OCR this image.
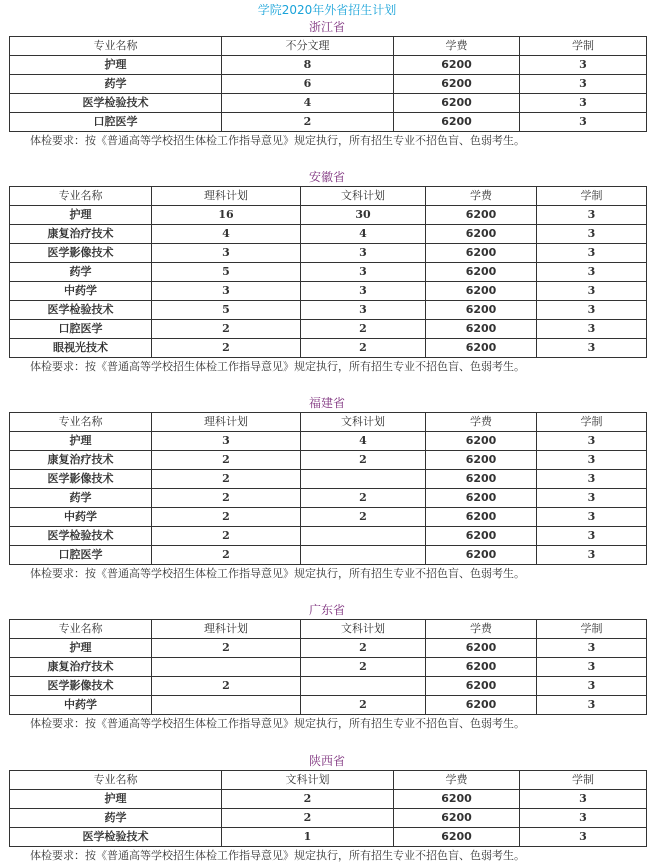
学院2020年外省招生计划
浙江省
专业名称	不分文理	学费	学制
护理	8	6200	3
药学	6	6200	3
医学检验技术	4	6200	3
口腔医学	2	6200	3
体检要求：按《普通高等学校招生体检工作指导意见》规定执行，所有招生专业不招色盲、色弱考生。
安徽省
专业名称	理科计划	文科计划	学费	学制
护理	16	30	6200	3
康复治疗技术	4	4	6200	3
医学影像技术	3	3	6200	3
药学	5	3	6200	3
中药学	3	3	6200	3
医学检验技术	5	3	6200	3
口腔医学	2	2	6200	3
眼视光技术	2	2	6200	3
体检要求：按《普通高等学校招生体检工作指导意见》规定执行，所有招生专业不招色盲、色弱考生。
福建省
专业名称	理科计划	文科计划	学费	学制
护理	3	4	6200	3
康复治疗技术	2	2	6200	3
医学影像技术	2		6200	3
药学	2	2	6200	3
中药学	2	2	6200	3
医学检验技术	2		6200	3
口腔医学	2		6200	3
体检要求：按《普通高等学校招生体检工作指导意见》规定执行，所有招生专业不招色盲、色弱考生。
广东省
专业名称	理科计划	文科计划	学费	学制
护理	2	2	6200	3
康复治疗技术		2	6200	3
医学影像技术	2		6200	3
中药学		2	6200	3
体检要求：按《普通高等学校招生体检工作指导意见》规定执行，所有招生专业不招色盲、色弱考生。
陕西省
专业名称	文科计划	学费	学制
护理	2	6200	3
药学	2	6200	3
医学检验技术	1	6200	3
体检要求：按《普通高等学校招生体检工作指导意见》规定执行，所有招生专业不招色盲、色弱考生。
